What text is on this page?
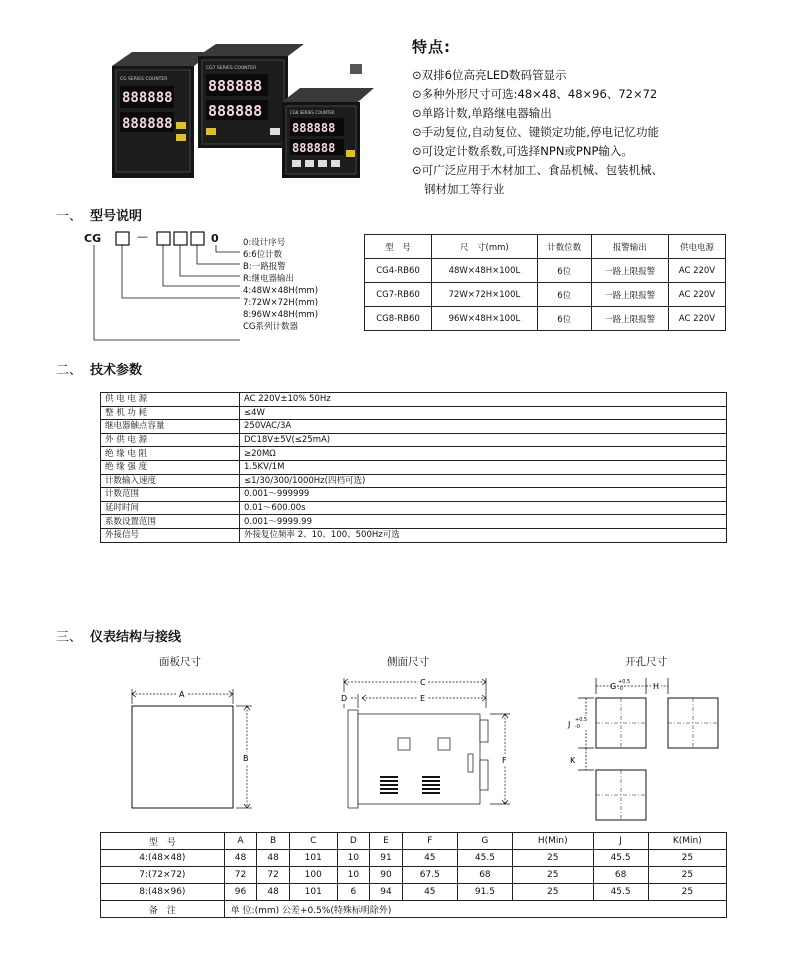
CG SERIES COUNTER
888888
888888
CG7 SERIES COUNTER
888888
888888	CG8 SERIES COUNTER
888888
888888
特点:
⊙双排6位高亮LED数码管显示
⊙多种外形尺寸可选:48×48、48×96、72×72
⊙单路计数,单路继电器输出
⊙手动复位,自动复位、键锁定功能,停电记忆功能
⊙可设定计数系数,可选择NPN或PNP输入。
⊙可广泛应用于木材加工、食品机械、包装机械、
钢材加工等行业
一、 型号说明
CG	—	0	0:设计序号
6:6位计数
B:一路报警
R:继电器输出
4:48W×48H(mm)
7:72W×72H(mm)
8:96W×48H(mm)
CG系列计数器
型　号	尺　寸(mm)	计数位数	报警输出	供电电源
CG4-RB60	48W×48H×100L	6位	一路上限报警	AC 220V
CG7-RB60	72W×72H×100L	6位	一路上限报警	AC 220V
CG8-RB60	96W×48H×100L	6位	一路上限报警	AC 220V
二、 技术参数
供 电 电 源	AC 220V±10% 50Hz
整 机 功 耗	≤4W
继电器触点容量	250VAC/3A
外 供 电 源	DC18V±5V(≤25mA)
绝 缘 电 阻	≥20MΩ
绝 缘 强 度	1.5KV/1M
计数输入速度	≤1/30/300/1000Hz(四档可选)
计数范围	0.001～999999
延时时间	0.01～600.00s
系数设置范围	0.001～9999.99
外接信号	外接复位频率 2、10、100、500Hz可选
三、 仪表结构与接线
面板尺寸	侧面尺寸	开孔尺寸
A
B
D
C
E
F
G +0.5
-0	H
J +0.5
-0
K
型　号	A	B	C	D	E	F	G	H(Min)	J	K(Min)
4:(48×48)	48	48	101	10	91	45	45.5	25	45.5	25
7:(72×72)	72	72	100	10	90	67.5	68	25	68	25
8:(48×96)	96	48	101	6	94	45	91.5	25	45.5	25
备　注	单 位:(mm) 公差+0.5%(特殊标明除外)									
